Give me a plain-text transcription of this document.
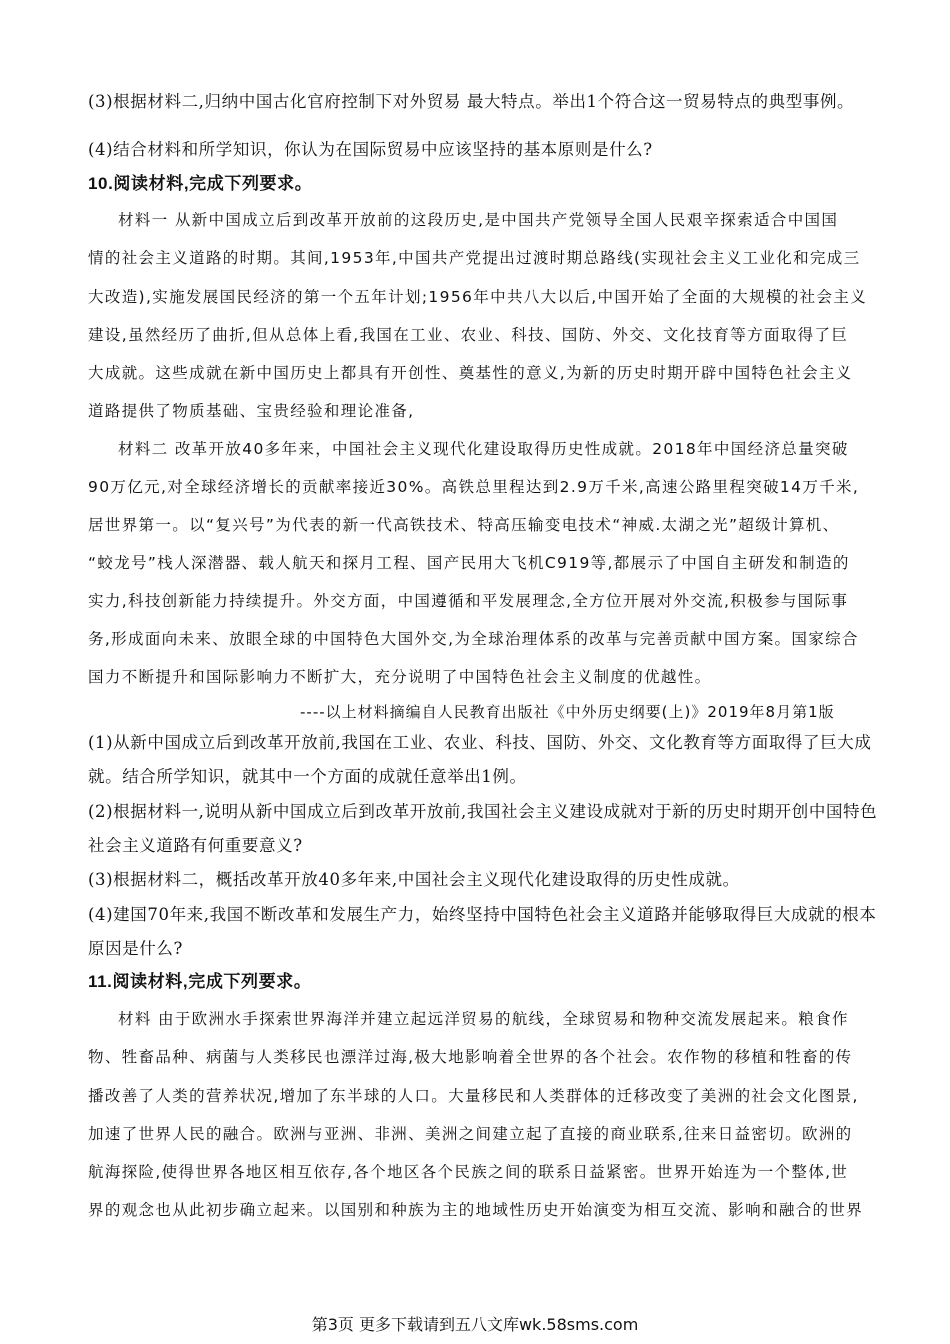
(3)根据材料二,归纳中国古化官府控制下对外贸易 最大特点。举出1个符合这一贸易特点的典型事例。
(4)结合材料和所学知识，你认为在国际贸易中应该坚持的基本原则是什么?
10.阅读材料,完成下列要求。
材料一 从新中国成立后到改革开放前的这段历史,是中国共产党领导全国人民艰辛探索适合中国国
情的社会主义道路的时期。其间,1953年,中国共产党提出过渡时期总路线(实现社会主义工业化和完成三
大改造),实施发展国民经济的第一个五年计划;1956年中共八大以后,中国开始了全面的大规模的社会主义
建设,虽然经历了曲折,但从总体上看,我国在工业、农业、科技、国防、外交、文化技育等方面取得了巨
大成就。这些成就在新中国历史上都具有开创性、奠基性的意义,为新的历史时期开辟中国特色社会主义
道路提供了物质基础、宝贵经验和理论准备,
材料二 改革开放40多年来，中国社会主义现代化建设取得历史性成就。2018年中国经济总量突破
90万亿元,对全球经济增长的贡献率接近30%。高铁总里程达到2.9万千米,高速公路里程突破14万千米,
居世界第一。以“复兴号”为代表的新一代高铁技术、特高压输变电技术“神威.太湖之光”超级计算机、
“蛟龙号”栈人深潜器、载人航天和探月工程、国产民用大飞机C919等,都展示了中国自主研发和制造的
实力,科技创新能力持续提升。外交方面，中国遵循和平发展理念,全方位开展对外交流,积极参与国际事
务,形成面向未来、放眼全球的中国特色大国外交,为全球治理体系的改革与完善贡献中国方案。国家综合
国力不断提升和国际影响力不断扩大，充分说明了中国特色社会主义制度的优越性。
----以上材料摘编自人民教育出版社《中外历史纲要(上)》2019年8月第1版
(1)从新中国成立后到改革开放前,我国在工业、农业、科技、国防、外交、文化教育等方面取得了巨大成
就。结合所学知识，就其中一个方面的成就任意举出1例。
(2)根据材料一,说明从新中国成立后到改革开放前,我国社会主义建设成就对于新的历史时期开创中国特色
社会主义道路有何重要意义?
(3)根据材料二，概括改革开放40多年来,中国社会主义现代化建设取得的历史性成就。
(4)建国70年来,我国不断改革和发展生产力，始终坚持中国特色社会主义道路并能够取得巨大成就的根本
原因是什么?
11.阅读材料,完成下列要求。
材料 由于欧洲水手探索世界海洋并建立起远洋贸易的航线，全球贸易和物种交流发展起来。粮食作
物、牲畜品种、病菌与人类移民也漂洋过海,极大地影响着全世界的各个社会。农作物的移植和牲畜的传
播改善了人类的营养状况,增加了东半球的人口。大量移民和人类群体的迁移改变了美洲的社会文化图景,
加速了世界人民的融合。欧洲与亚洲、非洲、美洲之间建立起了直接的商业联系,往来日益密切。欧洲的
航海探险,使得世界各地区相互依存,各个地区各个民族之间的联系日益紧密。世界开始连为一个整体,世
界的观念也从此初步确立起来。以国别和种族为主的地域性历史开始演变为相互交流、影响和融合的世界
第3页 更多下载请到五八文库wk.58sms.com
